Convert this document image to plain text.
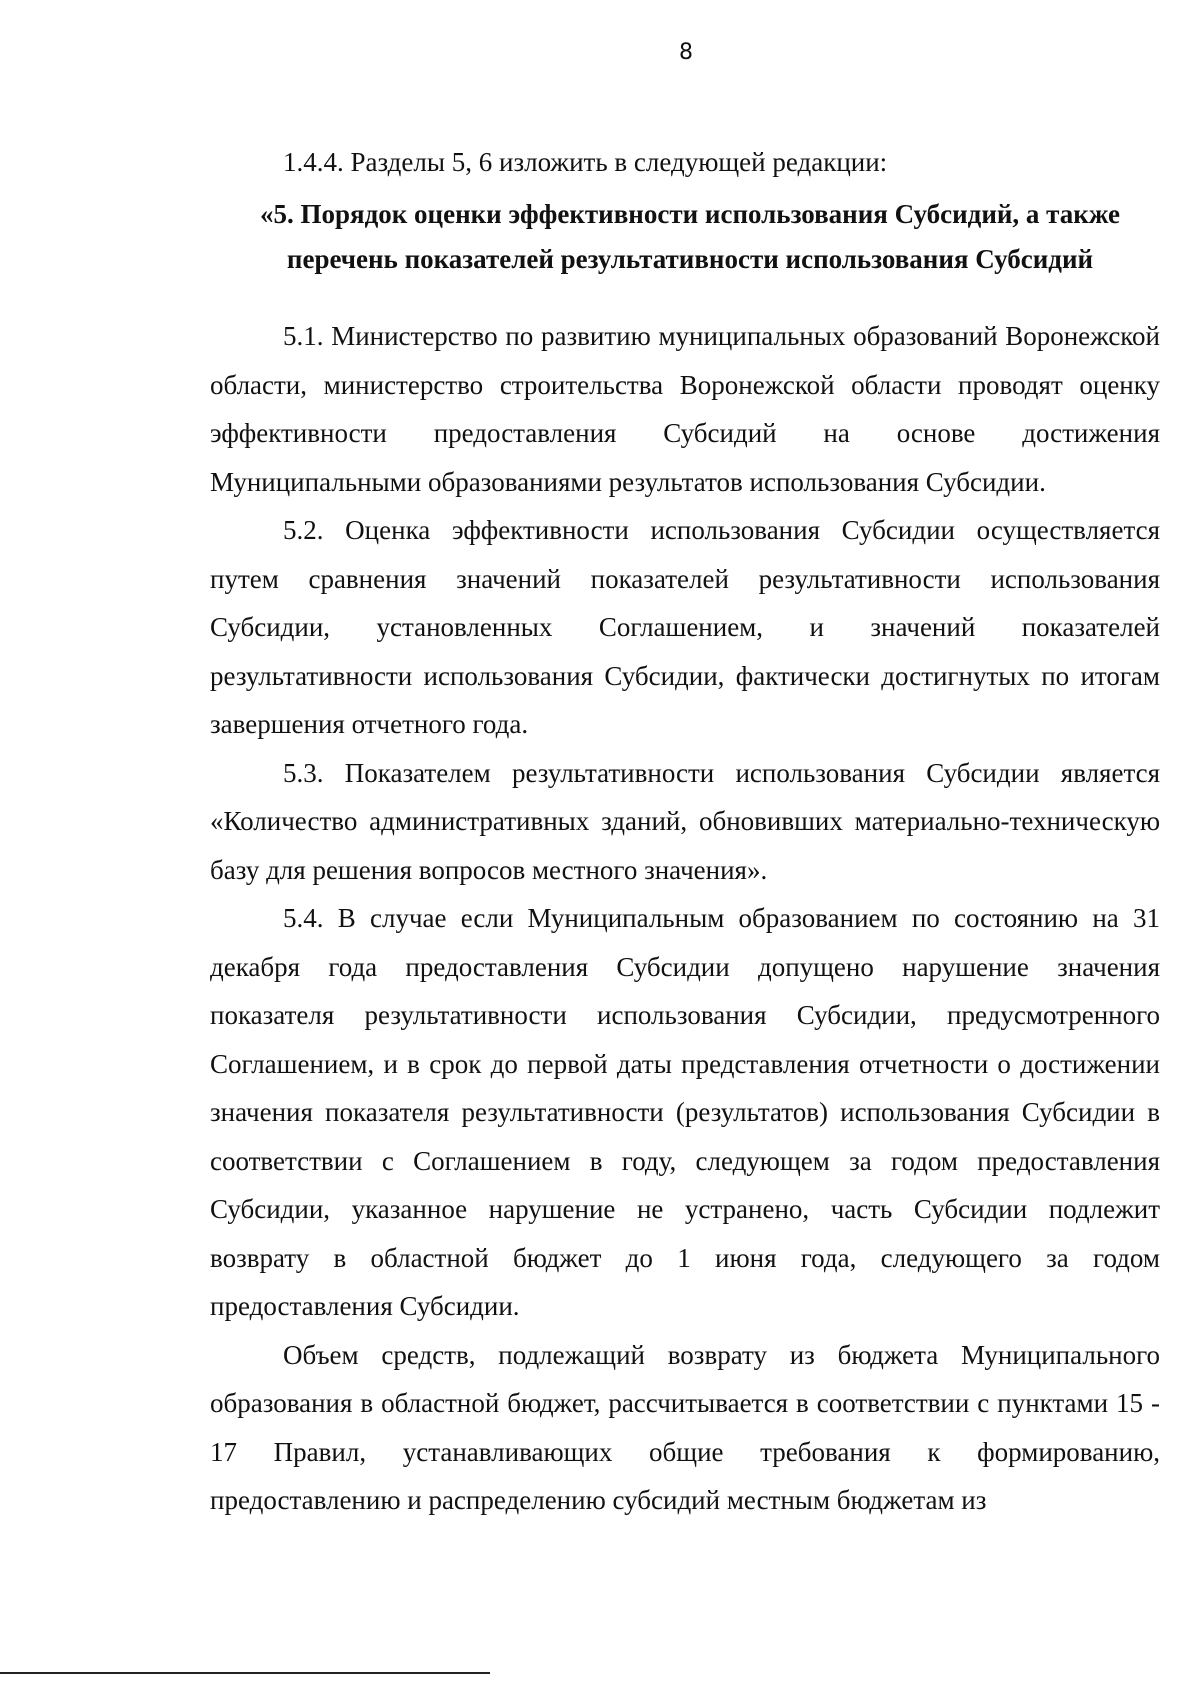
8
1.4.4. Разделы 5, 6 изложить в следующей редакции:
«5. Порядок оценки эффективности использования Субсидий, а также
перечень показателей результативности использования Субсидий

5.1. Министерство по развитию муниципальных образований Воронежской области, министерство строительства Воронежской области проводят оценку эффективности предоставления Субсидий на основе достижения Муниципальными образованиями результатов использования Субсидии.

5.2. Оценка эффективности использования Субсидии осуществляется путем сравнения значений показателей результативности использования Субсидии, установленных Соглашением, и значений показателей результативности использования Субсидии, фактически достигнутых по итогам завершения отчетного года.

5.3. Показателем результативности использования Субсидии является «Количество административных зданий, обновивших материально-техническую базу для решения вопросов местного значения».

5.4. В случае если Муниципальным образованием по состоянию на 31 декабря года предоставления Субсидии допущено нарушение значения показателя результативности использования Субсидии, предусмотренного Соглашением, и в срок до первой даты представления отчетности о достижении значения показателя результативности (результатов) использования Субсидии в соответствии с Соглашением в году, следующем за годом предоставления Субсидии, указанное нарушение не устранено, часть Субсидии подлежит возврату в областной бюджет до 1 июня года, следующего за годом предоставления Субсидии.

Объем средств, подлежащий возврату из бюджета Муниципального образования в областной бюджет, рассчитывается в соответствии с пунктами 15 - 17 Правил, устанавливающих общие требования к формированию, предоставлению и распределению субсидий местным бюджетам из
